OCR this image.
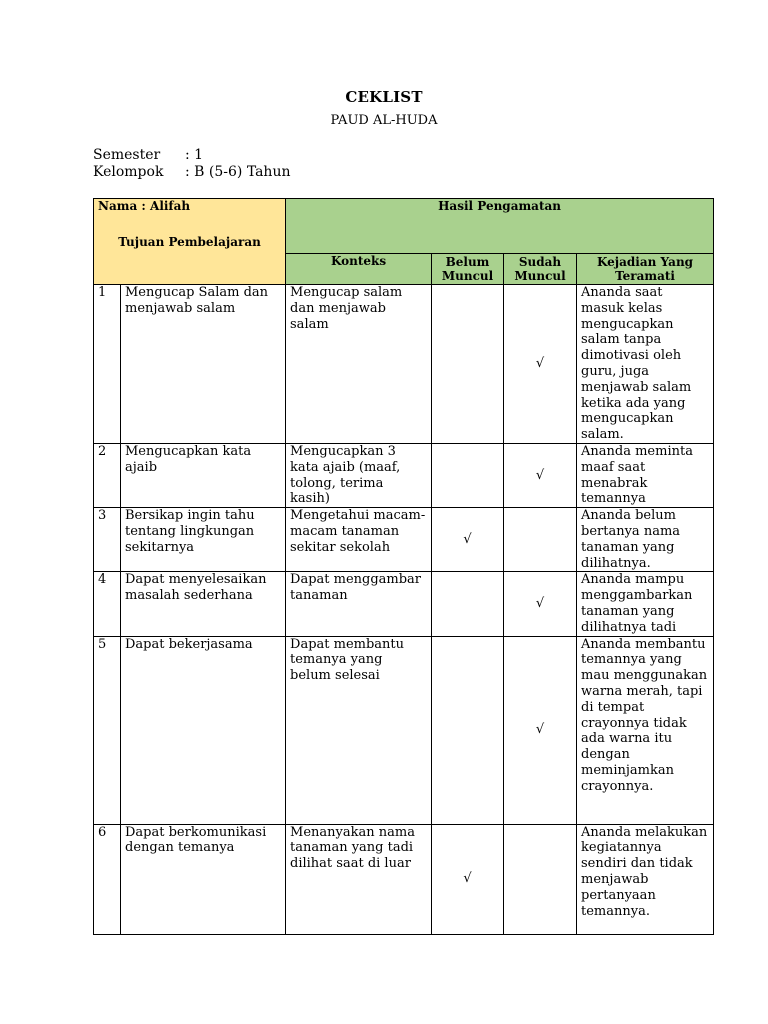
CEKLIST
PAUD AL-HUDA
Semester : 1
Kelompok : B (5-6) Tahun
Nama : Alifah
Tujuan Pembelajaran		Hasil Pengamatan			
		Konteks	Belum Muncul	Sudah Muncul	Kejadian Yang Teramati
1	Mengucap Salam dan menjawab salam	Mengucap salam dan menjawab salam		√	Ananda saat masuk kelas mengucapkan salam tanpa dimotivasi oleh guru, juga menjawab salam ketika ada yang mengucapkan salam.
2	Mengucapkan kata ajaib	Mengucapkan 3 kata ajaib (maaf, tolong, terima kasih)		√	Ananda meminta maaf saat menabrak temannya
3	Bersikap ingin tahu tentang lingkungan sekitarnya	Mengetahui macam-macam tanaman sekitar sekolah	√		Ananda belum bertanya nama tanaman yang dilihatnya.
4	Dapat menyelesaikan masalah sederhana	Dapat menggambar tanaman		√	Ananda mampu menggambarkan tanaman yang dilihatnya tadi
5	Dapat bekerjasama	Dapat membantu temanya yang belum selesai		√	Ananda membantu temannya yang mau menggunakan warna merah, tapi di tempat crayonnya tidak ada warna itu dengan meminjamkan crayonnya.
6	Dapat berkomunikasi dengan temanya	Menanyakan nama tanaman yang tadi dilihat saat di luar	√		Ananda melakukan kegiatannya sendiri dan tidak menjawab pertanyaan temannya.
